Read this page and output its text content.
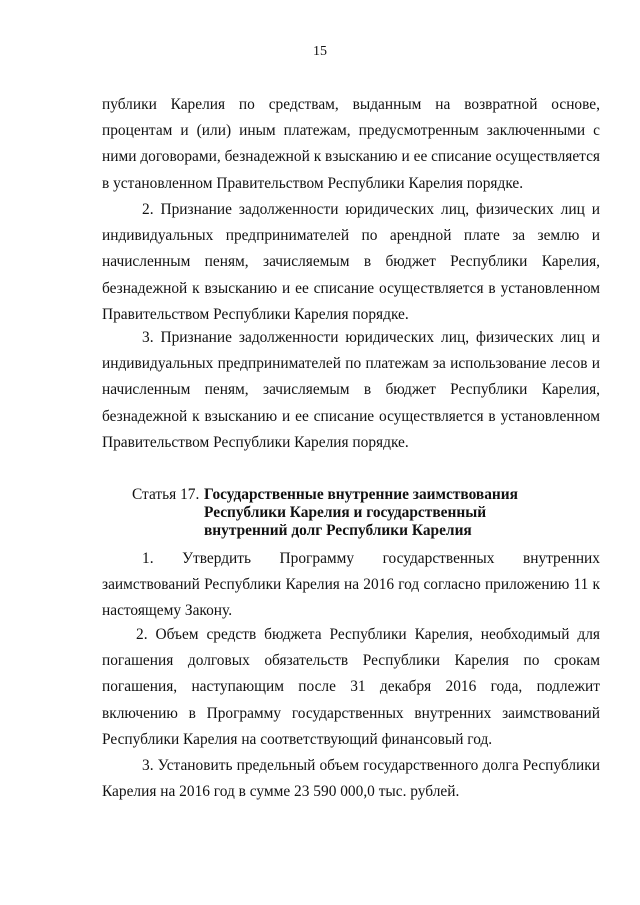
15
публики Карелия по средствам, выданным на возвратной основе, процентам и (или) иным платежам, предусмотренным заключенными с ними договорами, безнадежной к взысканию и ее списание осуществляется в установленном Правительством Республики Карелия порядке.
2. Признание задолженности юридических лиц, физических лиц и индивидуальных предпринимателей по арендной плате за землю и начисленным пеням, зачисляемым в бюджет Республики Карелия, безнадежной к взысканию и ее списание осуществляется в установленном Правительством Республики Карелия порядке.
3. Признание задолженности юридических лиц, физических лиц и индивидуальных предпринимателей по платежам за использование лесов и начисленным пеням, зачисляемым в бюджет Республики Карелия, безнадежной к взысканию и ее списание осуществляется в установленном Правительством Республики Карелия порядке.
Статья 17. Государственные внутренние заимствования
Республики Карелия и государственный
внутренний долг Республики Карелия
1. Утвердить Программу государственных внутренних заимствований Республики Карелия на 2016 год согласно приложению 11 к настоящему Закону.
2. Объем средств бюджета Республики Карелия, необходимый для погашения долговых обязательств Республики Карелия по срокам погашения, наступающим после 31 декабря 2016 года, подлежит включению в Программу государственных внутренних заимствований Республики Карелия на соответствующий финансовый год.
3. Установить предельный объем государственного долга Республики Карелия на 2016 год в сумме 23 590 000,0 тыс. рублей.
